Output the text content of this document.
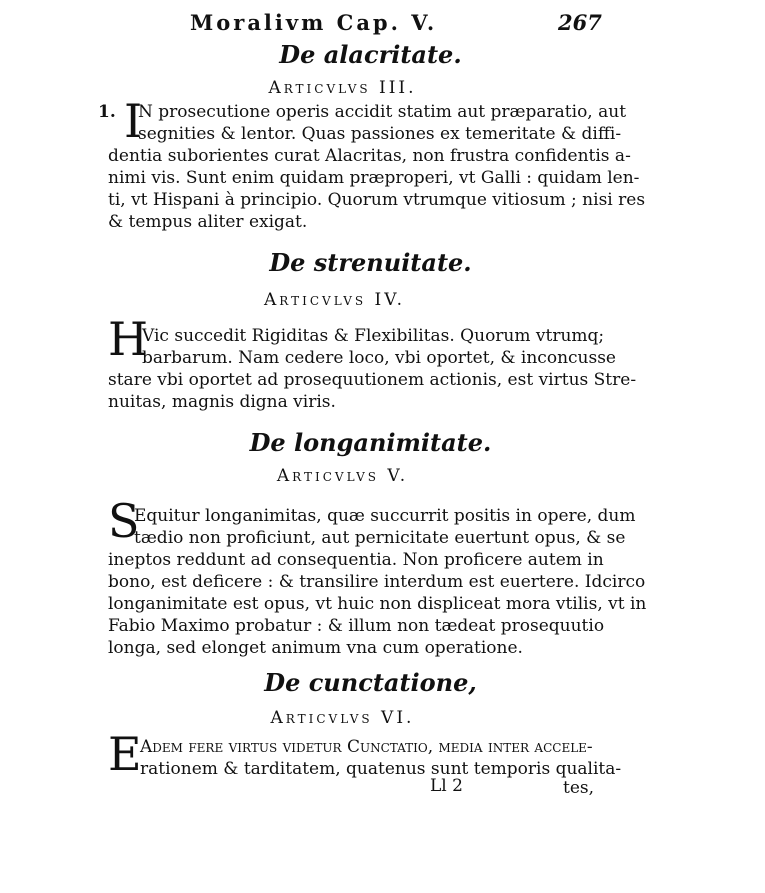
Moralivm Cap. V.	267
De alacritate.
Articvlvs III.
1. I
N prosecutione operis accidit statim aut præparatio, aut
segnities & lentor. Quas passiones ex temeritate & diffi-
dentia suborientes curat Alacritas, non frustra confidentis a-
nimi vis. Sunt enim quidam præproperi, vt Galli : quidam len-
ti, vt Hispani à principio. Quorum vtrumque vitiosum ; nisi res
& tempus aliter exigat.
De strenuitate.
Articvlvs IV.
H
Vic succedit Rigiditas & Flexibilitas. Quorum vtrumq;
barbarum. Nam cedere loco, vbi oportet, & inconcusse
stare vbi oportet ad prosequutionem actionis, est virtus Stre-
nuitas, magnis digna viris.
De longanimitate.
Articvlvs V.
S
Equitur longanimitas, quæ succurrit positis in opere, dum
tædio non proficiunt, aut pernicitate euertunt opus, & se
ineptos reddunt ad consequentia. Non proficere autem in
bono, est deficere : & transilire interdum est euertere. Idcirco
longanimitate est opus, vt huic non displiceat mora vtilis, vt in
Fabio Maximo probatur : & illum non tædeat prosequutio
longa, sed elonget animum vna cum operatione.
De cunctatione,
Articvlvs VI.
E
Adem fere virtus videtur Cunctatio, media inter accele-
rationem & tarditatem, quatenus sunt temporis qualita-
Ll 2	tes,
